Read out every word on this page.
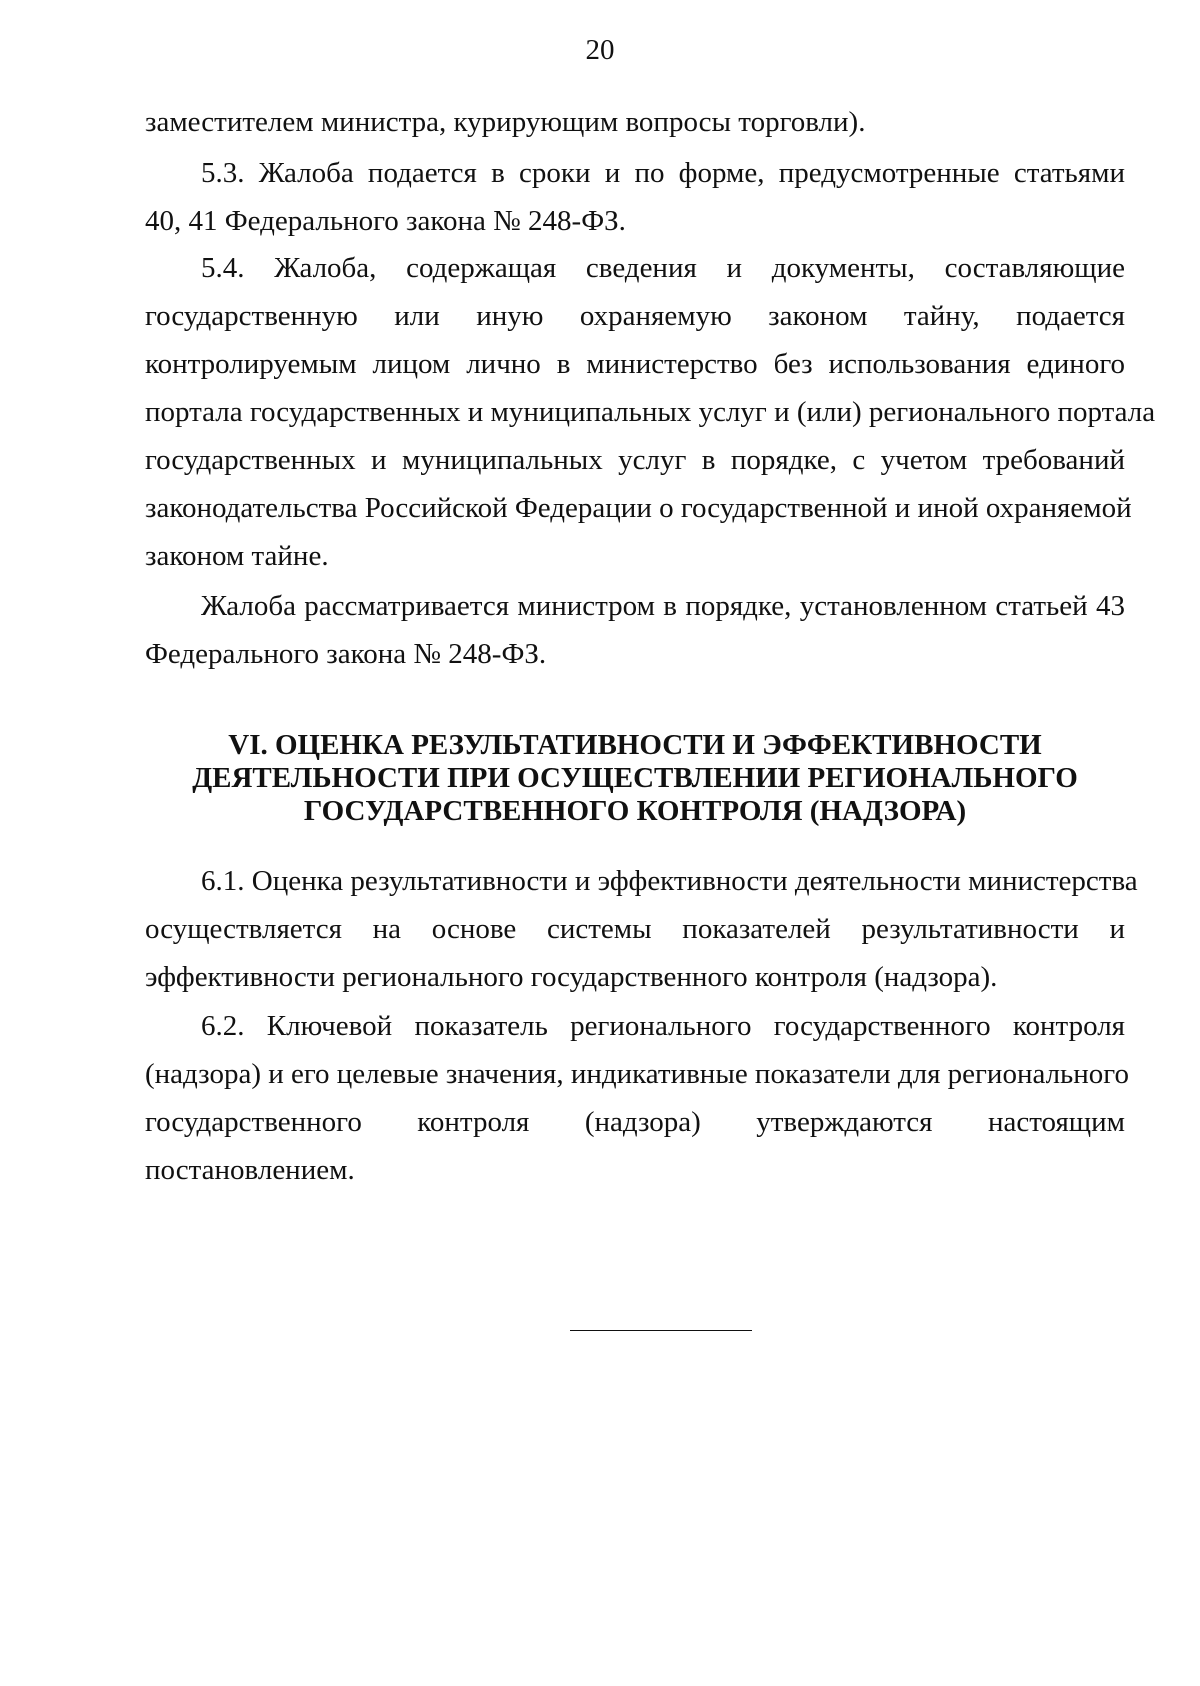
20
заместителем министра, курирующим вопросы торговли).
5.3. Жалоба подается в сроки и по форме, предусмотренные статьями
40, 41 Федерального закона № 248-ФЗ.
5.4. Жалоба, содержащая сведения и документы, составляющие
государственную или иную охраняемую законом тайну, подается
контролируемым лицом лично в министерство без использования единого
портала государственных и муниципальных услуг и (или) регионального портала
государственных и муниципальных услуг в порядке, с учетом требований
законодательства Российской Федерации о государственной и иной охраняемой
законом тайне.
Жалоба рассматривается министром в порядке, установленном статьей 43
Федерального закона № 248-ФЗ.
VI. ОЦЕНКА РЕЗУЛЬТАТИВНОСТИ И ЭФФЕКТИВНОСТИ
ДЕЯТЕЛЬНОСТИ ПРИ ОСУЩЕСТВЛЕНИИ РЕГИОНАЛЬНОГО
ГОСУДАРСТВЕННОГО КОНТРОЛЯ (НАДЗОРА)
6.1. Оценка результативности и эффективности деятельности министерства
осуществляется на основе системы показателей результативности и
эффективности регионального государственного контроля (надзора).
6.2. Ключевой показатель регионального государственного контроля
(надзора) и его целевые значения, индикативные показатели для регионального
государственного контроля (надзора) утверждаются настоящим
постановлением.
